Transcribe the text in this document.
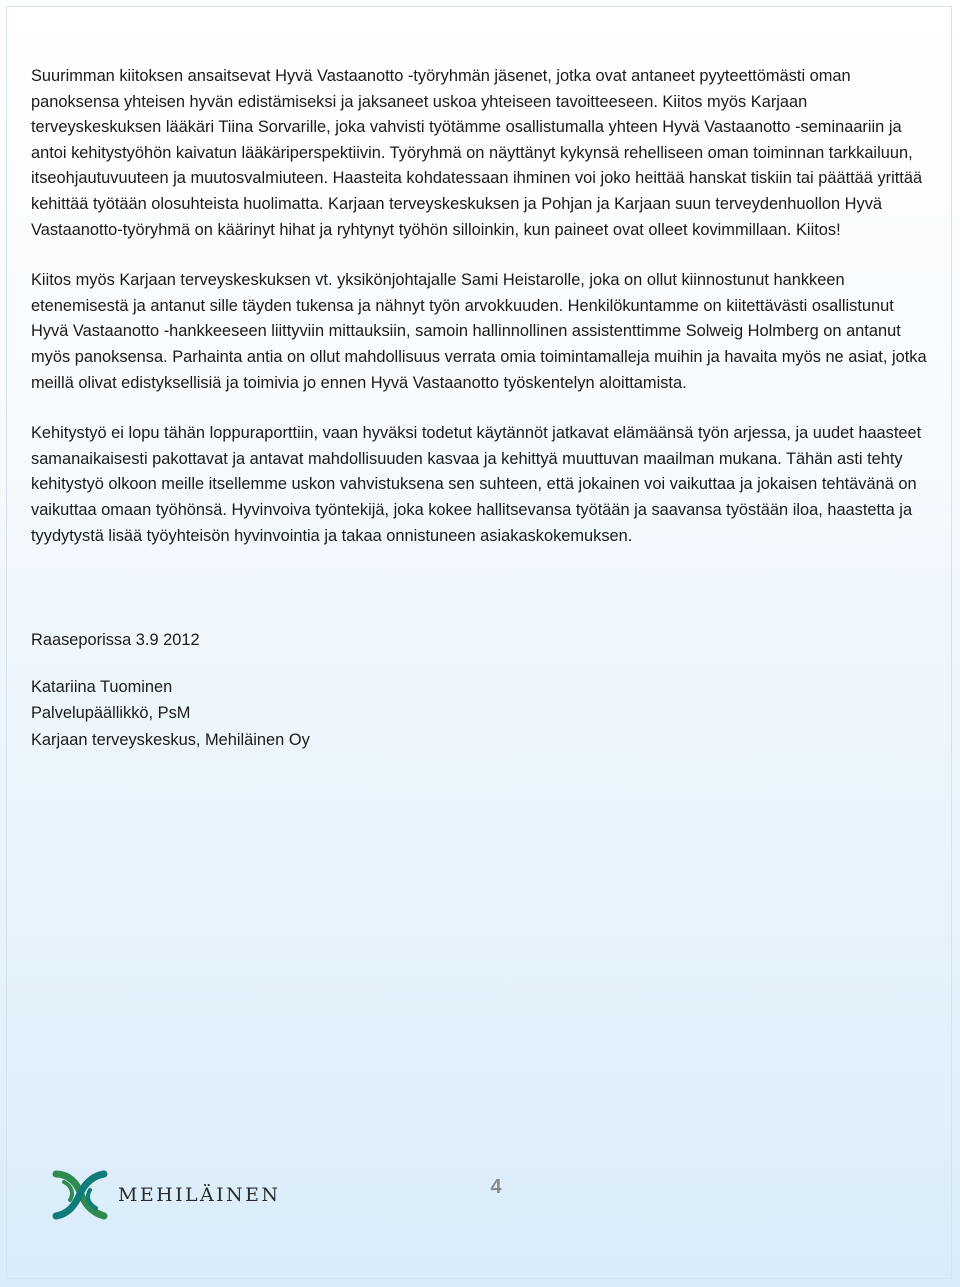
Suurimman kiitoksen ansaitsevat Hyvä Vastaanotto -työryhmän jäsenet, jotka ovat antaneet pyyteettömästi oman panoksensa yhteisen hyvän edistämiseksi ja jaksaneet uskoa yhteiseen tavoitteeseen. Kiitos myös Karjaan terveyskeskuksen lääkäri Tiina Sorvarille, joka vahvisti työtämme osallistumalla yhteen Hyvä Vastaanotto -seminaariin ja antoi kehitystyöhön kaivatun lääkäriperspektiivin. Työryhmä on näyttänyt kykynsä rehelliseen oman toiminnan tarkkailuun, itseohjautuvuuteen ja muutosvalmiuteen. Haasteita kohdatessaan ihminen voi joko heittää hanskat tiskiin tai päättää yrittää kehittää työtään olosuhteista huolimatta. Karjaan terveyskeskuksen ja Pohjan ja Karjaan suun terveydenhuollon Hyvä Vastaanotto-työryhmä on käärinyt hihat ja ryhtynyt työhön silloinkin, kun paineet ovat olleet kovimmillaan. Kiitos!

Kiitos myös Karjaan terveyskeskuksen vt. yksikönjohtajalle Sami Heistarolle, joka on ollut kiinnostunut hankkeen etenemisestä ja antanut sille täyden tukensa ja nähnyt työn arvokkuuden. Henkilökuntamme on kiitettävästi osallistunut Hyvä Vastaanotto -hankkeeseen liittyviin mittauksiin, samoin hallinnollinen assistenttimme Solweig Holmberg on antanut myös panoksensa. Parhainta antia on ollut mahdollisuus verrata omia toimintamalleja muihin ja havaita myös ne asiat, jotka meillä olivat edistyksellisiä ja toimivia jo ennen Hyvä Vastaanotto työskentelyn aloittamista.

Kehitystyö ei lopu tähän loppuraporttiin, vaan hyväksi todetut käytännöt jatkavat elämäänsä työn arjessa, ja uudet haasteet samanaikaisesti pakottavat ja antavat mahdollisuuden kasvaa ja kehittyä muuttuvan maailman mukana. Tähän asti tehty kehitystyö olkoon meille itsellemme uskon vahvistuksena sen suhteen, että jokainen voi vaikuttaa ja jokaisen tehtävänä on vaikuttaa omaan työhönsä. Hyvinvoiva työntekijä, joka kokee hallitsevansa työtään ja saavansa työstään iloa, haastetta ja tyydytystä lisää työyhteisön hyvinvointia ja takaa onnistuneen asiakaskokemuksen.

Raaseporissa 3.9 2012

Katariina Tuominen
Palvelupäällikkö, PsM
Karjaan terveyskeskus, Mehiläinen Oy
MEHILÄINEN	4
